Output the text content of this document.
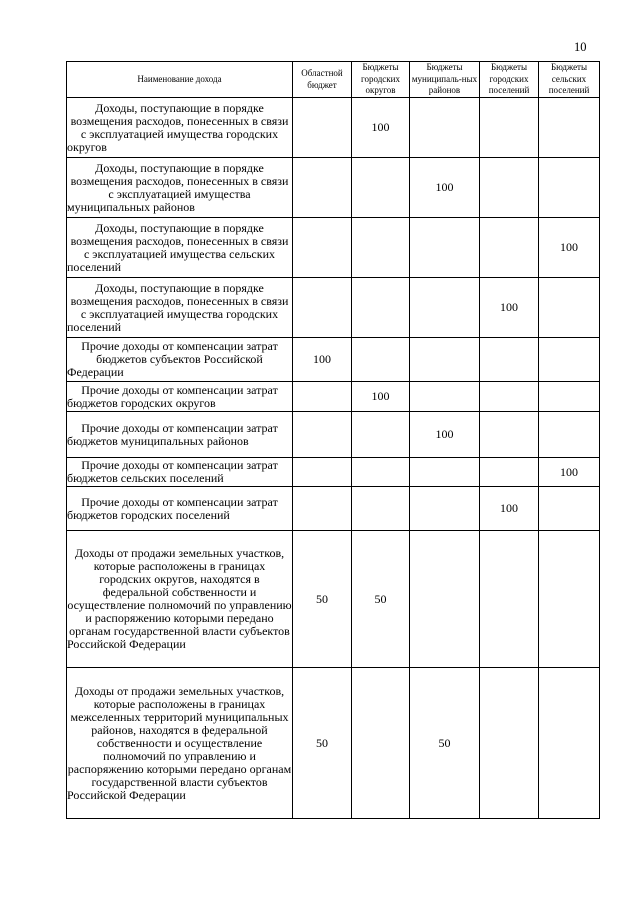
10
Наименование дохода	Областной бюджет	Бюджеты городских округов	Бюджеты муниципаль-ных районов	Бюджеты городских поселений	Бюджеты сельских поселений
Доходы, поступающие в порядке возмещения расходов, понесенных в связи с эксплуатацией имущества городских округов		100			
Доходы, поступающие в порядке возмещения расходов, понесенных в связи с эксплуатацией имущества муниципальных районов			100		
Доходы, поступающие в порядке возмещения расходов, понесенных в связи с эксплуатацией имущества сельских поселений					100
Доходы, поступающие в порядке возмещения расходов, понесенных в связи с эксплуатацией имущества городских поселений				100	
Прочие доходы от компенсации затрат бюджетов субъектов Российской Федерации	100				
Прочие доходы от компенсации затрат бюджетов городских округов		100			
Прочие доходы от компенсации затрат бюджетов муниципальных районов			100		
Прочие доходы от компенсации затрат бюджетов сельских поселений					100
Прочие доходы от компенсации затрат бюджетов городских поселений				100	
Доходы от продажи земельных участков, которые расположены в границах городских округов, находятся в федеральной собственности и осуществление полномочий по управлению и распоряжению которыми передано органам государственной власти субъектов Российской Федерации	50	50			
Доходы от продажи земельных участков, которые расположены в границах межселенных территорий муниципальных районов, находятся в федеральной собственности и осуществление полномочий по управлению и распоряжению которыми передано органам государственной власти субъектов Российской Федерации	50		50		
